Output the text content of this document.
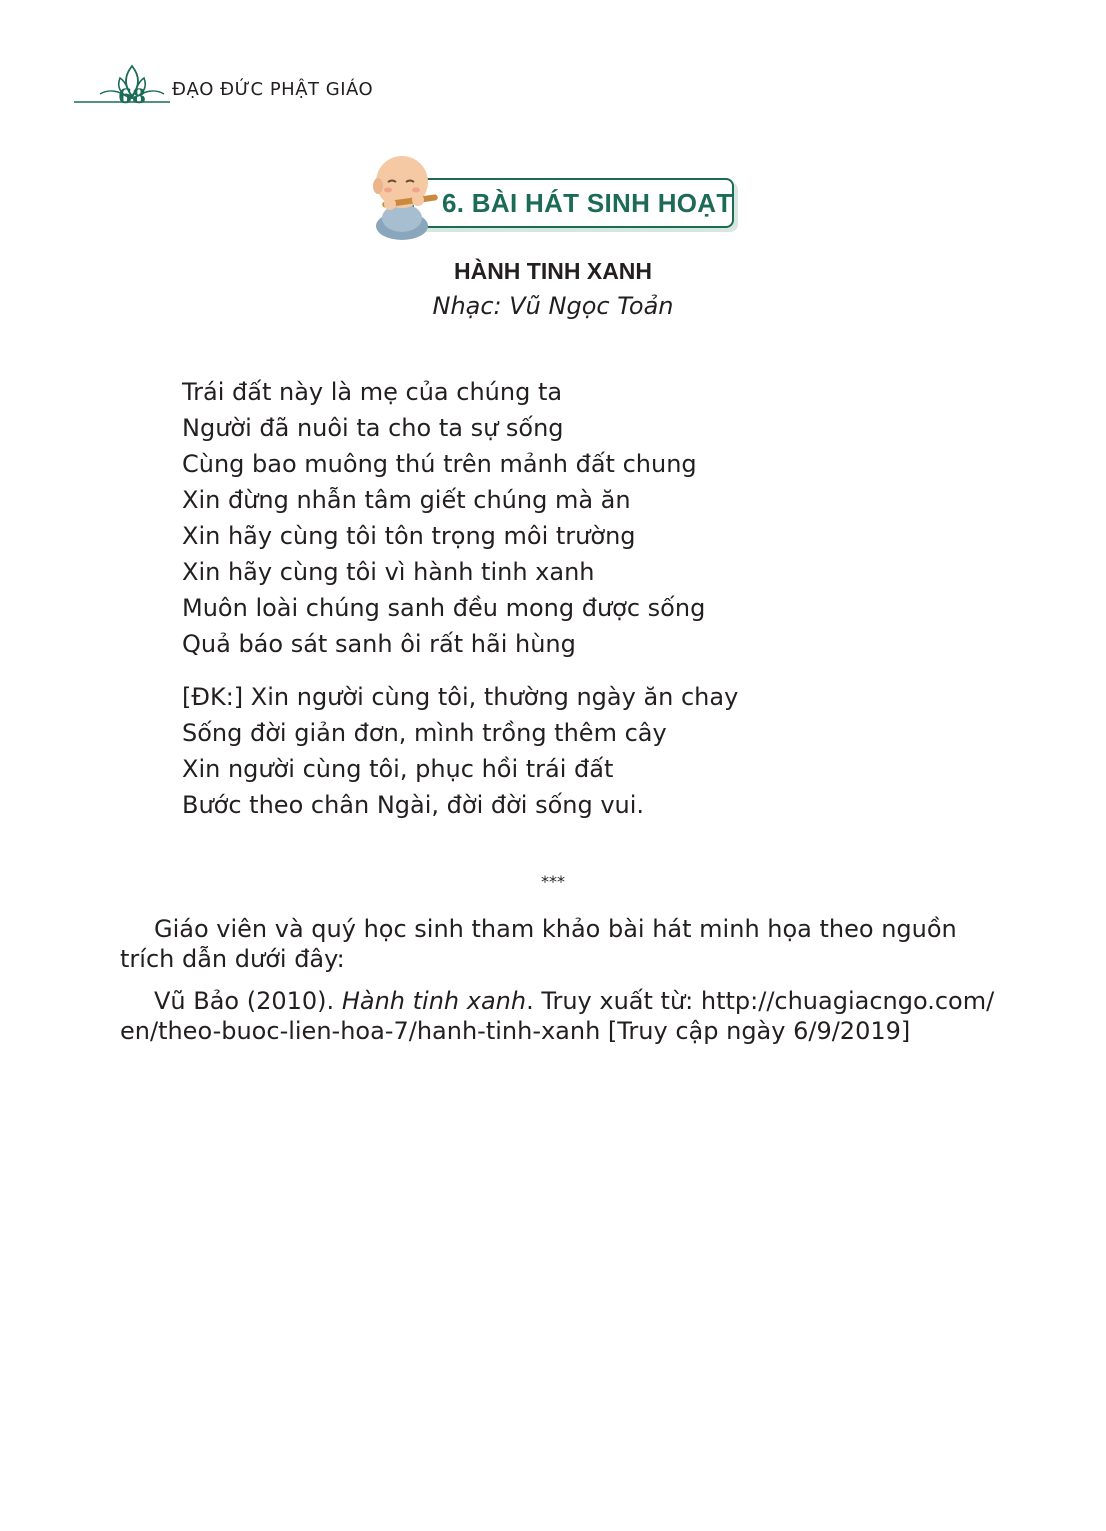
68 ĐẠO ĐỨC PHẬT GIÁO
6. BÀI HÁT SINH HOẠT
HÀNH TINH XANH
Nhạc: Vũ Ngọc Toản
Trái đất này là mẹ của chúng ta
Người đã nuôi ta cho ta sự sống
Cùng bao muông thú trên mảnh đất chung
Xin đừng nhẫn tâm giết chúng mà ăn
Xin hãy cùng tôi tôn trọng môi trường
Xin hãy cùng tôi vì hành tinh xanh
Muôn loài chúng sanh đều mong được sống
Quả báo sát sanh ôi rất hãi hùng
[ĐK:] Xin người cùng tôi, thường ngày ăn chay
Sống đời giản đơn, mình trồng thêm cây
Xin người cùng tôi, phục hồi trái đất
Bước theo chân Ngài, đời đời sống vui.
***

Giáo viên và quý học sinh tham khảo bài hát minh họa theo nguồn trích dẫn dưới đây:

Vũ Bảo (2010). Hành tinh xanh. Truy xuất từ: http://chuagiacngo.com/ en/theo-buoc-lien-hoa-7/hanh-tinh-xanh [Truy cập ngày 6/9/2019]
